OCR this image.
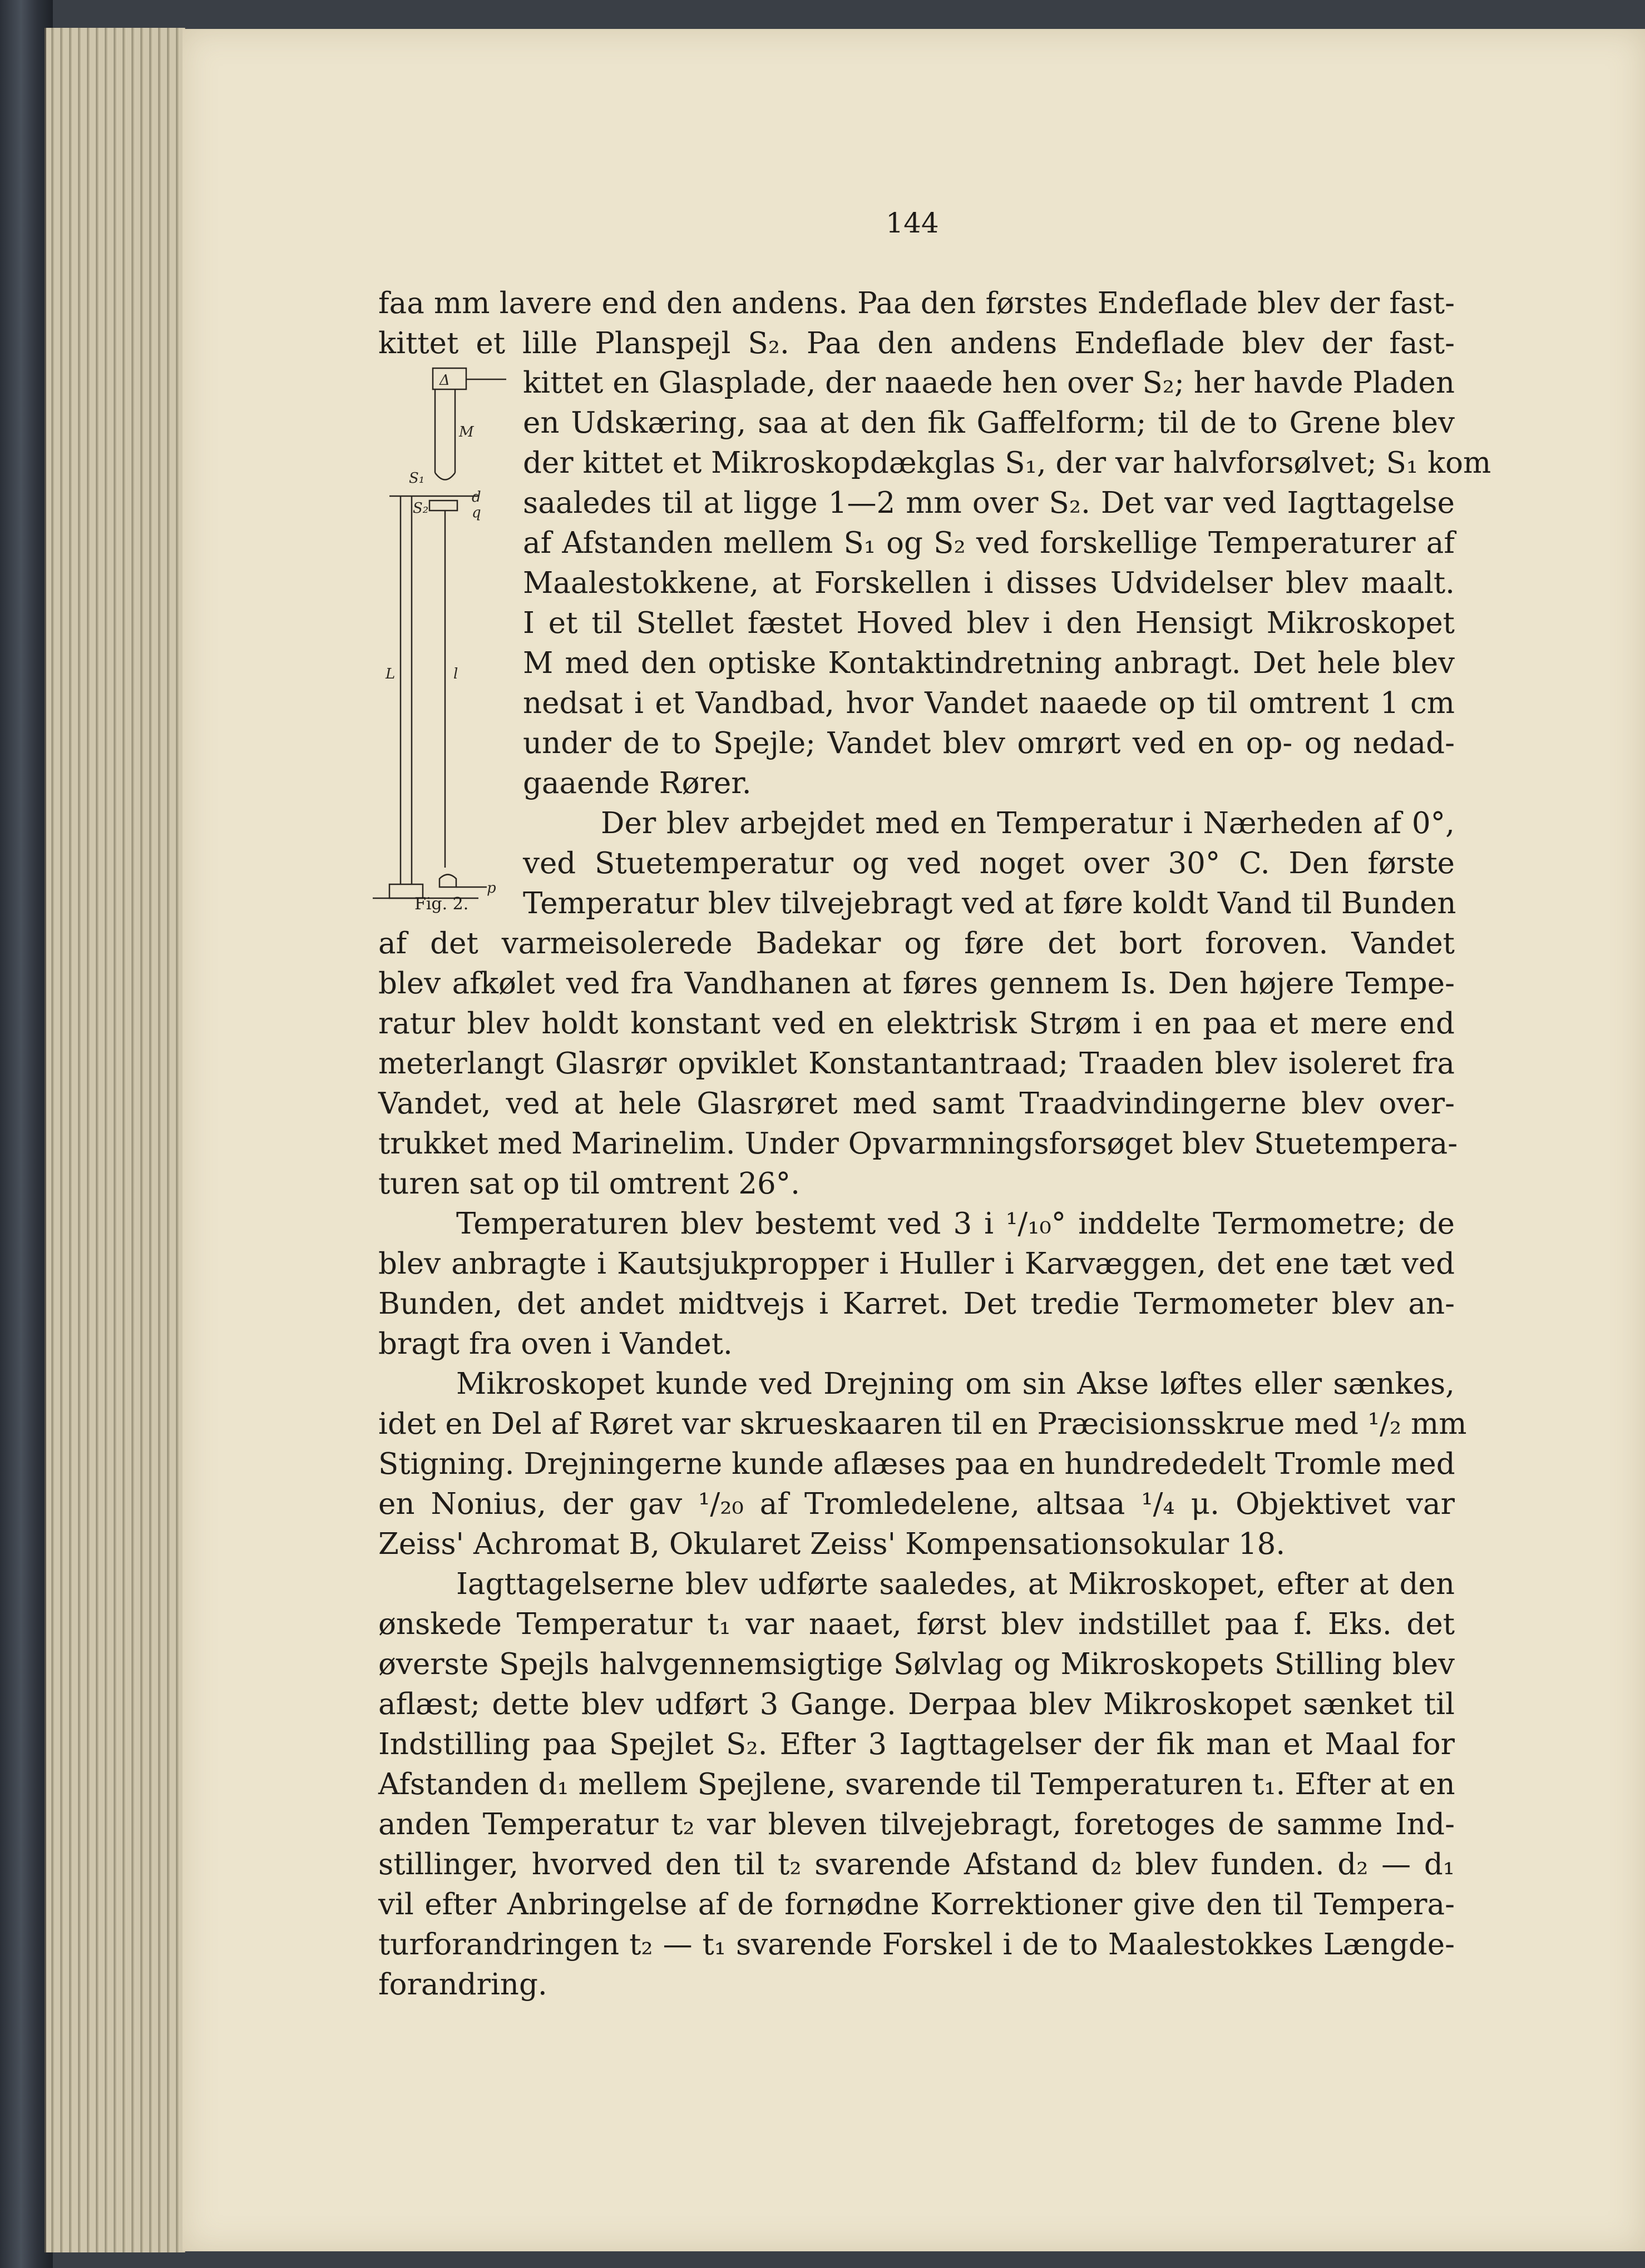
144
faa mm lavere end den andens. Paa den førstes Endeflade blev der fast-
kittet et lille Planspejl S₂. Paa den andens Endeflade blev der fast-
kittet en Glasplade, der naaede hen over S₂; her havde Pladen
en Udskæring, saa at den fik Gaffelform; til de to Grene blev
der kittet et Mikroskopdækglas S₁, der var halvforsølvet; S₁ kom
saaledes til at ligge 1—2 mm over S₂. Det var ved Iagttagelse
af Afstanden mellem S₁ og S₂ ved forskellige Temperaturer af
Maalestokkene, at Forskellen i disses Udvidelser blev maalt.
I et til Stellet fæstet Hoved blev i den Hensigt Mikroskopet
M med den optiske Kontaktindretning anbragt. Det hele blev
nedsat i et Vandbad, hvor Vandet naaede op til omtrent 1 cm
under de to Spejle; Vandet blev omrørt ved en op- og nedad-
gaaende Rører.
Der blev arbejdet med en Temperatur i Nærheden af 0°,
ved Stuetemperatur og ved noget over 30° C. Den første
Temperatur blev tilvejebragt ved at føre koldt Vand til Bunden
Δ
M
S₁
S₂
d
q
L	l
p
Fig. 2.
af det varmeisolerede Badekar og føre det bort foroven. Vandet
blev afkølet ved fra Vandhanen at føres gennem Is. Den højere Tempe-
ratur blev holdt konstant ved en elektrisk Strøm i en paa et mere end
meterlangt Glasrør opviklet Konstantantraad; Traaden blev isoleret fra
Vandet, ved at hele Glasrøret med samt Traadvindingerne blev over-
trukket med Marinelim. Under Opvarmningsforsøget blev Stuetempera-
turen sat op til omtrent 26°.
Temperaturen blev bestemt ved 3 i ¹/₁₀° inddelte Termometre; de
blev anbragte i Kautsjukpropper i Huller i Karvæggen, det ene tæt ved
Bunden, det andet midtvejs i Karret. Det tredie Termometer blev an-
bragt fra oven i Vandet.
Mikroskopet kunde ved Drejning om sin Akse løftes eller sænkes,
idet en Del af Røret var skrueskaaren til en Præcisionsskrue med ¹/₂ mm
Stigning. Drejningerne kunde aflæses paa en hundrededelt Tromle med
en Nonius, der gav ¹/₂₀ af Tromledelene, altsaa ¹/₄ μ. Objektivet var
Zeiss' Achromat B, Okularet Zeiss' Kompensationsokular 18.
Iagttagelserne blev udførte saaledes, at Mikroskopet, efter at den
ønskede Temperatur t₁ var naaet, først blev indstillet paa f. Eks. det
øverste Spejls halvgennemsigtige Sølvlag og Mikroskopets Stilling blev
aflæst; dette blev udført 3 Gange. Derpaa blev Mikroskopet sænket til
Indstilling paa Spejlet S₂. Efter 3 Iagttagelser der fik man et Maal for
Afstanden d₁ mellem Spejlene, svarende til Temperaturen t₁. Efter at en
anden Temperatur t₂ var bleven tilvejebragt, foretoges de samme Ind-
stillinger, hvorved den til t₂ svarende Afstand d₂ blev funden. d₂ — d₁
vil efter Anbringelse af de fornødne Korrektioner give den til Tempera-
turforandringen t₂ — t₁ svarende Forskel i de to Maalestokkes Længde-
forandring.
